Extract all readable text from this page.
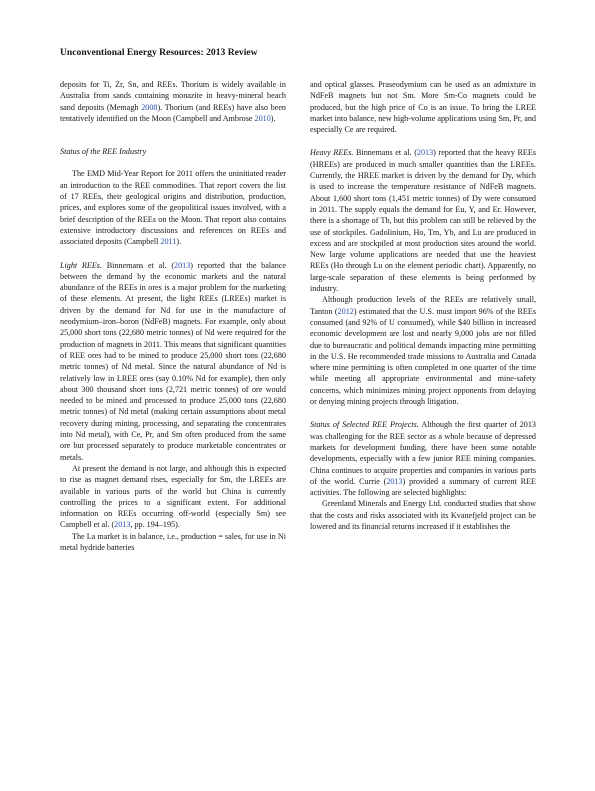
Unconventional Energy Resources: 2013 Review

deposits for Ti, Zr, Sn, and REEs. Thorium is widely available in Australia from sands containing monazite in heavy-mineral beach sand deposits (Memagh 2008). Thorium (and REEs) have also been tentatively identified on the Moon (Campbell and Ambrose 2010).

Status of the REE Industry

The EMD Mid-Year Report for 2011 offers the uninitiated reader an introduction to the REE commodities. That report covers the list of 17 REEs, their geological origins and distribution, production, prices, and explores some of the geopolitical issues involved, with a brief description of the REEs on the Moon. That report also contains extensive introductory discussions and references on REEs and associated deposits (Campbell 2011).

Light REEs. Binnemans et al. (2013) reported that the balance between the demand by the economic markets and the natural abundance of the REEs in ores is a major problem for the marketing of these elements. At present, the light REEs (LREEs) market is driven by the demand for Nd for use in the manufacture of neodymium–iron–boron (NdFeB) magnets. For example, only about 25,000 short tons (22,680 metric tonnes) of Nd were required for the production of magnets in 2011. This means that significant quantities of REE ores had to be mined to produce 25,000 short tons (22,680 metric tonnes) of Nd metal. Since the natural abundance of Nd is relatively low in LREE ores (say 0.10% Nd for example), then only about 300 thousand short tons (2,721 metric tonnes) of ore would needed to be mined and processed to produce 25,000 tons (22,680 metric tonnes) of Nd metal (making certain assumptions about metal recovery during mining, processing, and separating the concentrates into Nd metal), with Ce, Pr, and Sm often produced from the same ore but processed separately to produce marketable concentrates or metals.

At present the demand is not large, and although this is expected to rise as magnet demand rises, especially for Sm, the LREEs are available in various parts of the world but China is currently controlling the prices to a significant extent. For additional information on REEs occurring off-world (especially Sm) see Campbell et al. (2013, pp. 194–195).

The La market is in balance, i.e., production = sales, for use in Ni metal hydride batteries

and optical glasses. Praseodymium can be used as an admixture in NdFeB magnets but not Sm. More Sm-Co magnets could be produced, but the high price of Co is an issue. To bring the LREE market into balance, new high-volume applications using Sm, Pr, and especially Ce are required.

Heavy REEs. Binnemans et al. (2013) reported that the heavy REEs (HREEs) are produced in much smaller quantities than the LREEs. Currently, the HREE market is driven by the demand for Dy, which is used to increase the temperature resistance of NdFeB magnets. About 1,600 short tons (1,451 metric tonnes) of Dy were consumed in 2011. The supply equals the demand for Eu, Y, and Er. However, there is a shortage of Tb, but this problem can still be relieved by the use of stockpiles. Gadolinium, Ho, Tm, Yb, and Lu are produced in excess and are stockpiled at most production sites around the world. New large volume applications are needed that use the heaviest REEs (Ho through Lu on the element periodic chart). Apparently, no large-scale separation of these elements is being performed by industry.

Although production levels of the REEs are relatively small, Tanton (2012) estimated that the U.S. must import 96% of the REEs consumed (and 92% of U consumed), while $40 billion in increased economic development are lost and nearly 9,000 jobs are not filled due to bureaucratic and political demands impacting mine permitting in the U.S. He recommended trade missions to Australia and Canada where mine permitting is often completed in one quarter of the time while meeting all appropriate environmental and mine-safety concerns, which minimizes mining project opponents from delaying or denying mining projects through litigation.

Status of Selected REE Projects. Although the first quarter of 2013 was challenging for the REE sector as a whole because of depressed markets for development funding, there have been some notable developments, especially with a few junior REE mining companies. China continues to acquire properties and companies in various parts of the world. Currie (2013) provided a summary of current REE activities. The following are selected highlights:

Greenland Minerals and Energy Ltd. conducted studies that show that the costs and risks associated with its Kvanefjeld project can be lowered and its financial returns increased if it establishes the
